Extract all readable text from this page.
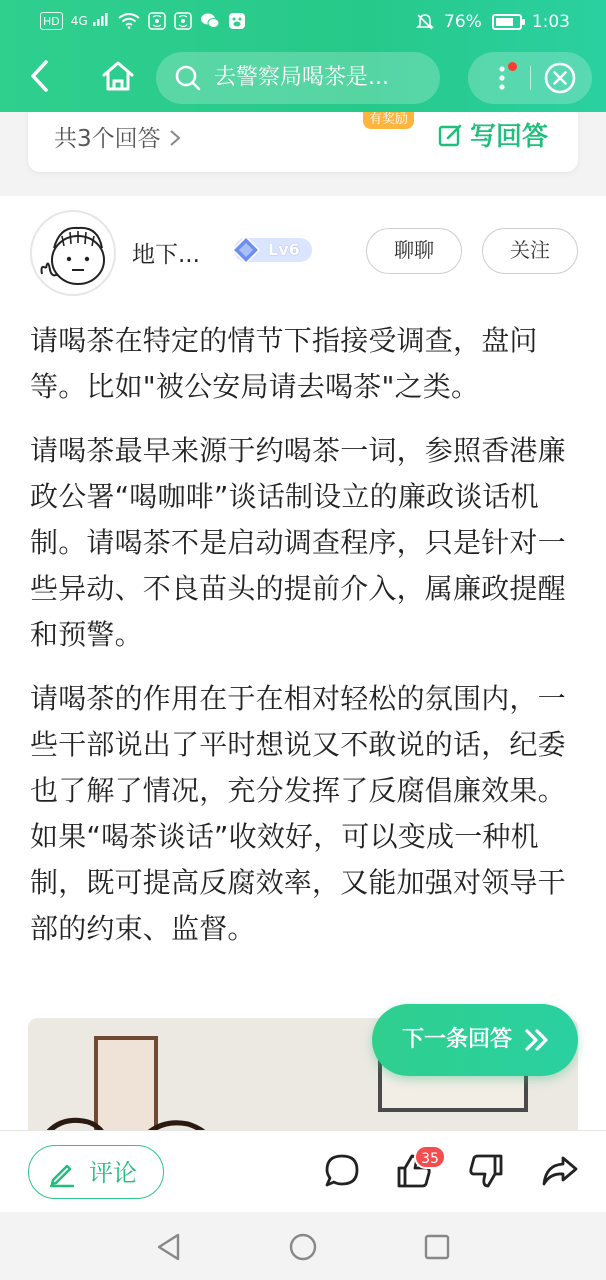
HD 4G	76%	1:03
去警察局喝茶是...
共3个回答
有奖励
写回答
地下...	Lv6	聊聊	关注

请喝茶在特定的情节下指接受调查，盘问等。比如"被公安局请去喝茶"之类。

请喝茶最早来源于约喝茶一词，参照香港廉政公署“喝咖啡”谈话制设立的廉政谈话机制。请喝茶不是启动调查程序，只是针对一些异动、不良苗头的提前介入，属廉政提醒和预警。

请喝茶的作用在于在相对轻松的氛围内，一些干部说出了平时想说又不敢说的话，纪委也了解了情况，充分发挥了反腐倡廉效果。如果“喝茶谈话”收效好，可以变成一种机制，既可提高反腐效率，又能加强对领导干部的约束、监督。

下一条回答
评论	35
